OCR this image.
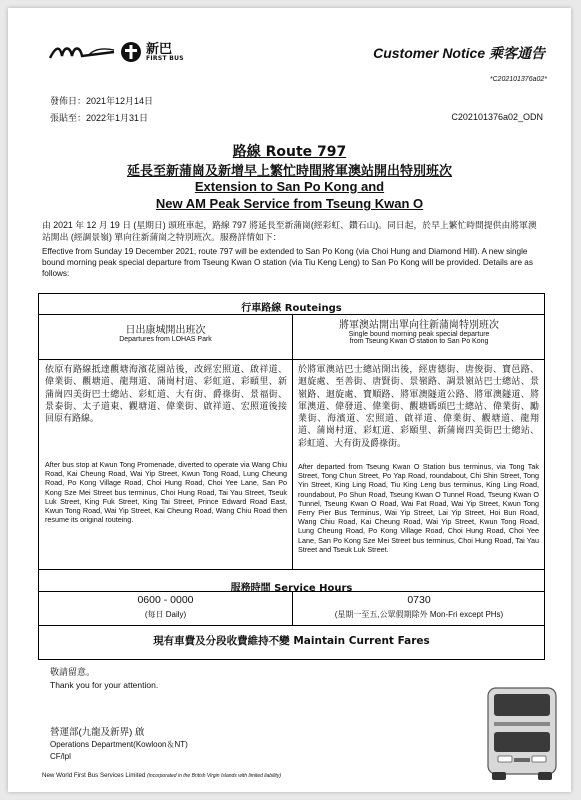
新巴
FIRST BUS	Customer Notice 乘客通告
*C202101376a02*
發佈日：2021年12月14日
張貼至：2022年1月31日	C202101376a02_ODN
路線 Route 797
延長至新蒲崗及新增早上繁忙時間將軍澳站開出特別班次
Extension to San Po Kong and
New AM Peak Service from Tseung Kwan O
由 2021 年 12 月 19 日 (星期日) 頭班車起，路線 797 將延長至新蒲崗(經彩虹、鑽石山)。同日起，於早上繁忙時間提供由將軍澳站開出 (經調景嶺) 單向往新蒲崗之特別班次。服務詳情如下：
Effective from Sunday 19 December 2021, route 797 will be extended to San Po Kong (via Choi Hung and Diamond Hill). A new single bound morning peak special departure from Tseung Kwan O station (via Tiu Keng Leng) to San Po Kong will be provided. Details are as follows:
行車路線 Routeings
日出康城開出班次
Departures from LOHAS Park
將軍澳站開出單向往新蒲崗特別班次
Single bound morning peak special departure
from Tseung Kwan O station to San Po Kong
依原有路線抵達觀塘海濱花園站後，改經宏照道、啟祥道、偉業街、觀塘道、龍翔道、蒲崗村道、彩虹道、彩頤里、新蒲崗四美街巴士總站、彩虹道、大有街、爵祿街、景福街、景泰街、太子道東、觀塘道、偉業街、啟祥道、宏照道後接回原有路線。
After bus stop at Kwun Tong Promenade, diverted to operate via Wang Chiu Road, Kai Cheung Road, Wai Yip Street, Kwun Tong Road, Lung Cheung Road, Po Kong Village Road, Choi Hung Road, Choi Yee Lane, San Po Kong Sze Mei Street bus terminus, Choi Hung Road, Tai Yau Street, Tseuk Luk Street, King Fuk Street, King Tai Street, Prince Edward Road East, Kwun Tong Road, Wai Yip Street, Kai Cheung Road, Wang Chiu Road then resume its original routeing.
於將軍澳站巴士總站開出後，經唐德街、唐俊街、寶邑路、迴旋處、至善街、唐賢街、景嶺路、調景嶺站巴士總站、景嶺路、迴旋處、寶順路、將軍澳隧道公路、將軍澳隧道、將軍澳道、偉發道、偉業街、觀塘碼頭巴士總站、偉業街、勵業街、海濱道、宏照道、啟祥道、偉業街、觀塘道、龍翔道、蒲崗村道、彩虹道、彩頤里、新蒲崗四美街巴士總站、彩虹道、大有街及爵祿街。
After departed from Tseung Kwan O Station bus terminus, via Tong Tak Street, Tong Chun Street, Po Yap Road, roundabout, Chi Shin Street, Tong Yin Street, King Ling Road, Tiu King Leng bus terminus, King Ling Road, roundabout, Po Shun Road, Tseung Kwan O Tunnel Road, Tseung Kwan O Tunnel, Tseung Kwan O Road, Wai Fat Road, Wai Yip Street, Kwun Tong Ferry Pier Bus Terminus, Wai Yip Street, Lai Yip Street, Hoi Bun Road, Wang Chiu Road, Kai Cheung Road, Wai Yip Street, Kwun Tong Road, Lung Cheung Road, Po Kong Village Road, Choi Hung Road, Choi Yee Lane, San Po Kong Sze Mei Street bus terminus, Choi Hung Road, Tai Yau Street and Tseuk Luk Street.
服務時間 Service Hours
0600 - 0000
(每日 Daily)
0730
(星期一至五,公眾假期除外 Mon-Fri except PHs)
現有車費及分段收費維持不變 Maintain Current Fares
敬請留意。
Thank you for your attention.
營運部(九龍及新界) 啟
Operations Department(Kowloon＆NT)
CF/lpl
New World First Bus Services Limited (incorporated in the British Virgin Islands with limited liability)
